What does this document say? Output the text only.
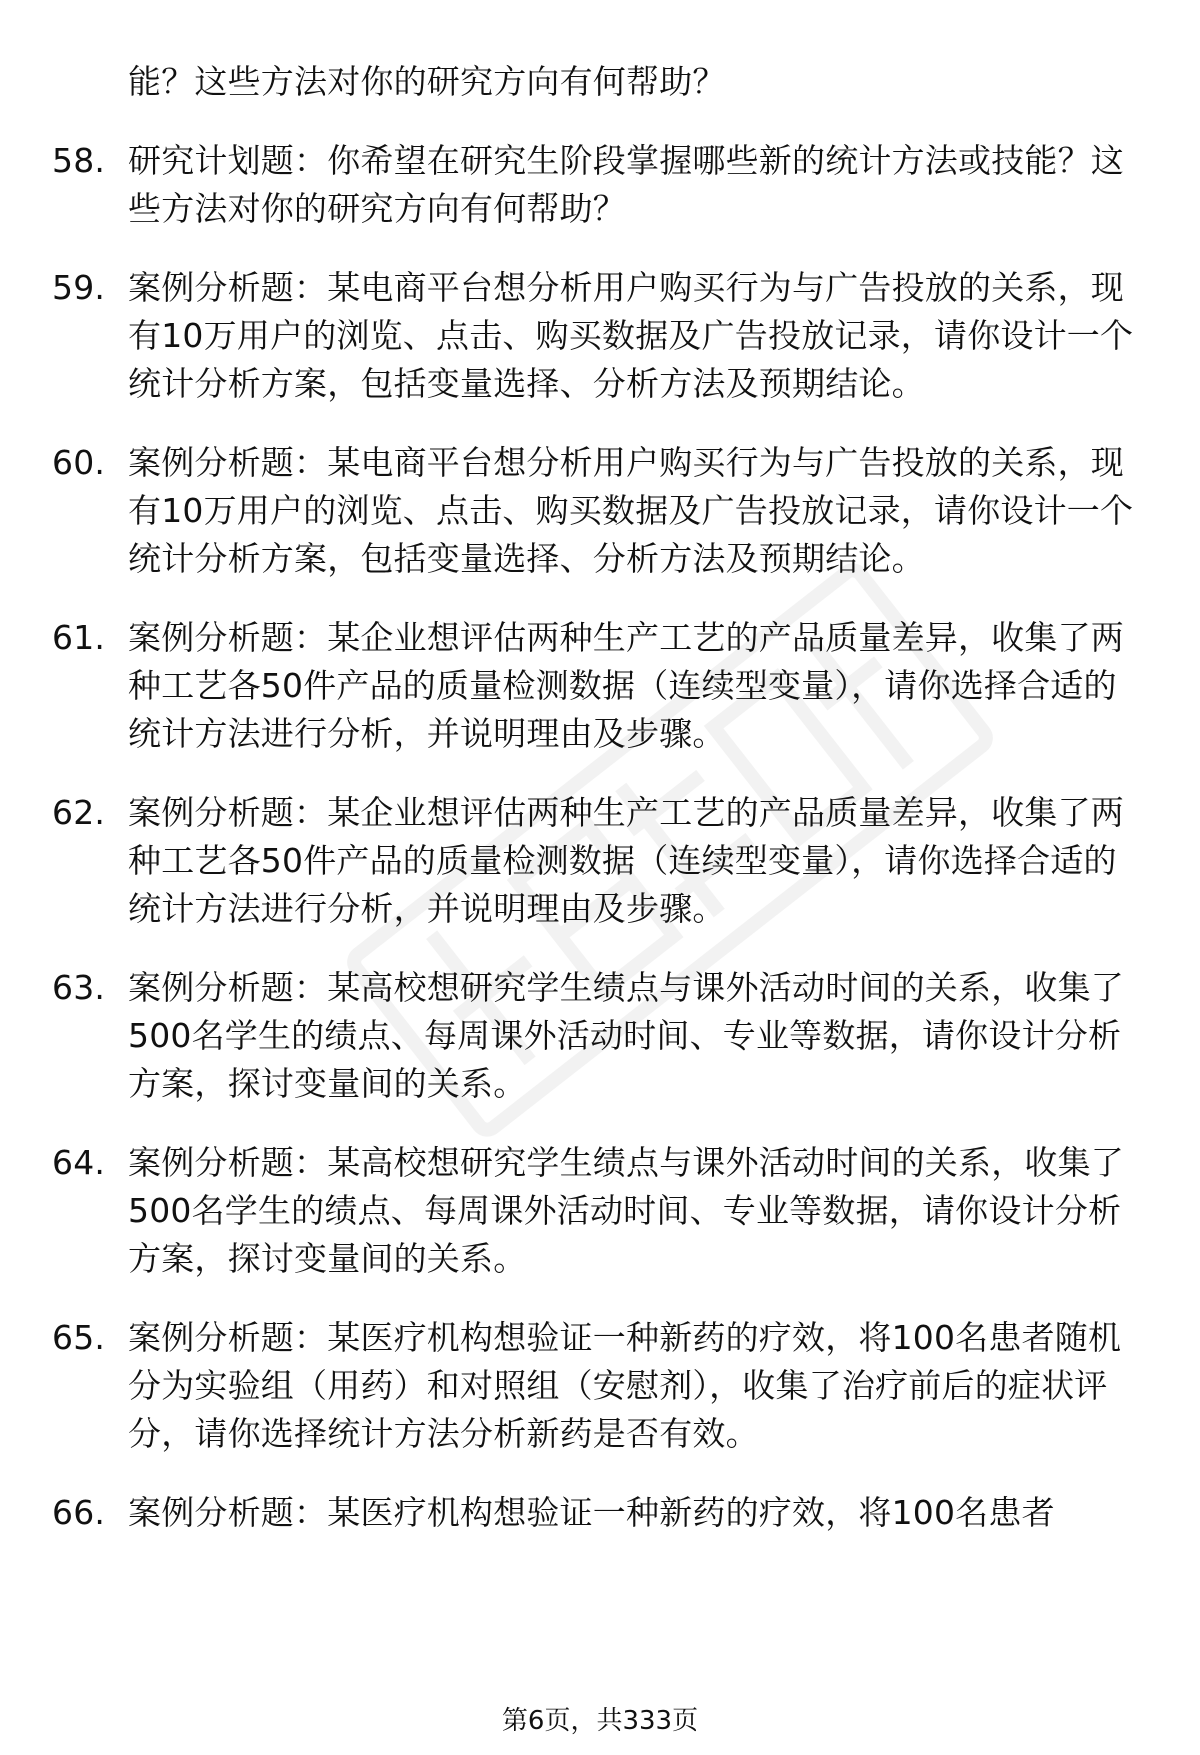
能？这些方法对你的研究方向有何帮助？
58. 研究计划题：你希望在研究生阶段掌握哪些新的统计方法或技能？这些方法对你的研究方向有何帮助？
59. 案例分析题：某电商平台想分析用户购买行为与广告投放的关系，现有10万用户的浏览、点击、购买数据及广告投放记录，请你设计一个统计分析方案，包括变量选择、分析方法及预期结论。
60. 案例分析题：某电商平台想分析用户购买行为与广告投放的关系，现有10万用户的浏览、点击、购买数据及广告投放记录，请你设计一个统计分析方案，包括变量选择、分析方法及预期结论。
61. 案例分析题：某企业想评估两种生产工艺的产品质量差异，收集了两种工艺各50件产品的质量检测数据（连续型变量），请你选择合适的统计方法进行分析，并说明理由及步骤。
62. 案例分析题：某企业想评估两种生产工艺的产品质量差异，收集了两种工艺各50件产品的质量检测数据（连续型变量），请你选择合适的统计方法进行分析，并说明理由及步骤。
63. 案例分析题：某高校想研究学生绩点与课外活动时间的关系，收集了500名学生的绩点、每周课外活动时间、专业等数据，请你设计分析方案，探讨变量间的关系。
64. 案例分析题：某高校想研究学生绩点与课外活动时间的关系，收集了500名学生的绩点、每周课外活动时间、专业等数据，请你设计分析方案，探讨变量间的关系。
65. 案例分析题：某医疗机构想验证一种新药的疗效，将100名患者随机分为实验组（用药）和对照组（安慰剂），收集了治疗前后的症状评分，请你选择统计方法分析新药是否有效。
66. 案例分析题：某医疗机构想验证一种新药的疗效，将100名患者
第6页，共333页
